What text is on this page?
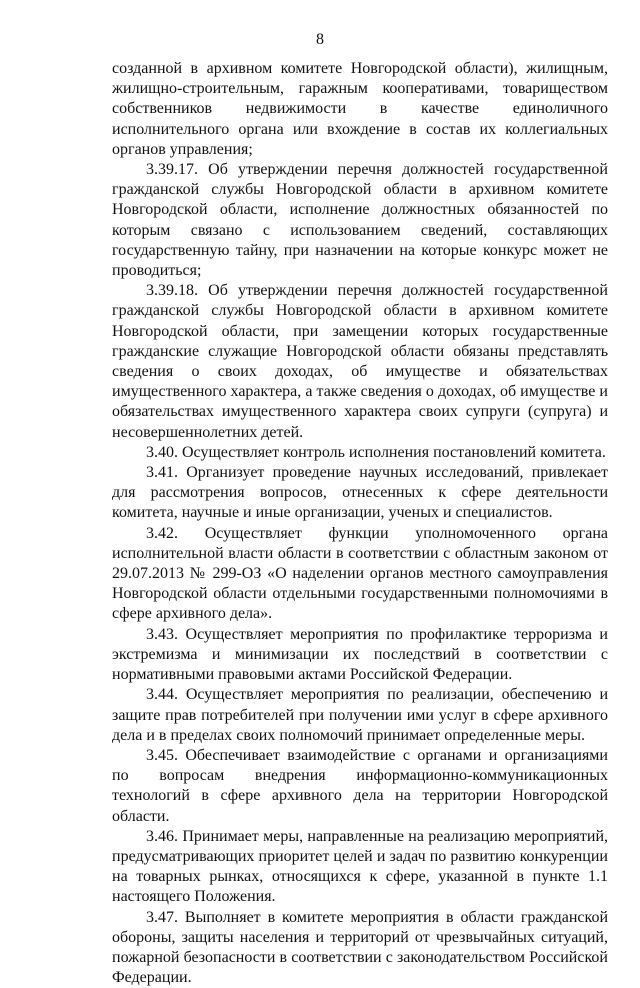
8

созданной в архивном комитете Новгородской области), жилищным, жилищно-строительным, гаражным кооперативами, товариществом собственников недвижимости в качестве единоличного исполнительного органа или вхождение в состав их коллегиальных органов управления;

3.39.17. Об утверждении перечня должностей государственной гражданской службы Новгородской области в архивном комитете Новгородской области, исполнение должностных обязанностей по которым связано с использованием сведений, составляющих государственную тайну, при назначении на которые конкурс может не проводиться;

3.39.18. Об утверждении перечня должностей государственной гражданской службы Новгородской области в архивном комитете Новгородской области, при замещении которых государственные гражданские служащие Новгородской области обязаны представлять сведения о своих доходах, об имуществе и обязательствах имущественного характера, а также сведения о доходах, об имуществе и обязательствах имущественного характера своих супруги (супруга) и несовершеннолетних детей.

3.40. Осуществляет контроль исполнения постановлений комитета.

3.41. Организует проведение научных исследований, привлекает для рассмотрения вопросов, отнесенных к сфере деятельности комитета, научные и иные организации, ученых и специалистов.

3.42. Осуществляет функции уполномоченного органа исполнительной власти области в соответствии с областным законом от 29.07.2013 № 299-ОЗ «О наделении органов местного самоуправления Новгородской области отдельными государственными полномочиями в сфере архивного дела».

3.43. Осуществляет мероприятия по профилактике терроризма и экстремизма и минимизации их последствий в соответствии с нормативными правовыми актами Российской Федерации.

3.44. Осуществляет мероприятия по реализации, обеспечению и защите прав потребителей при получении ими услуг в сфере архивного дела и в пределах своих полномочий принимает определенные меры.

3.45. Обеспечивает взаимодействие с органами и организациями по вопросам внедрения информационно-коммуникационных технологий в сфере архивного дела на территории Новгородской области.

3.46. Принимает меры, направленные на реализацию мероприятий, предусматривающих приоритет целей и задач по развитию конкуренции на товарных рынках, относящихся к сфере, указанной в пункте 1.1 настоящего Положения.

3.47. Выполняет в комитете мероприятия в области гражданской обороны, защиты населения и территорий от чрезвычайных ситуаций, пожарной безопасности в соответствии с законодательством Российской Федерации.
